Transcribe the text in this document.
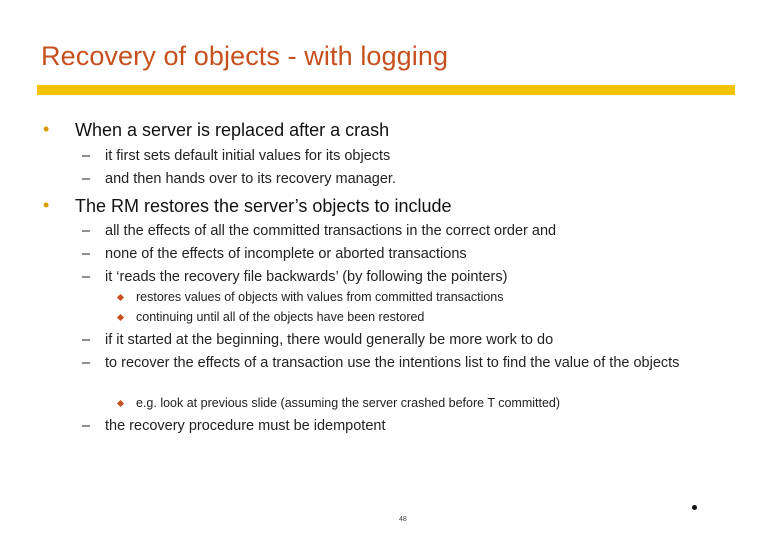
Recovery of objects - with logging
• When a server is replaced after a crash
– it first sets default initial values for its objects
– and then hands over to its recovery manager.
• The RM restores the server’s objects to include
– all the effects of all the committed transactions in the correct order and
– none of the effects of incomplete or aborted transactions
– it ‘reads the recovery file backwards’ (by following the pointers)
restores values of objects with values from committed transactions
continuing until all of the objects have been restored
– if it started at the beginning, there would generally be more work to do
– to recover the effects of a transaction use the intentions list to find the value of the objects
e.g. look at previous slide (assuming the server crashed before T committed)
– the recovery procedure must be idempotent
48
